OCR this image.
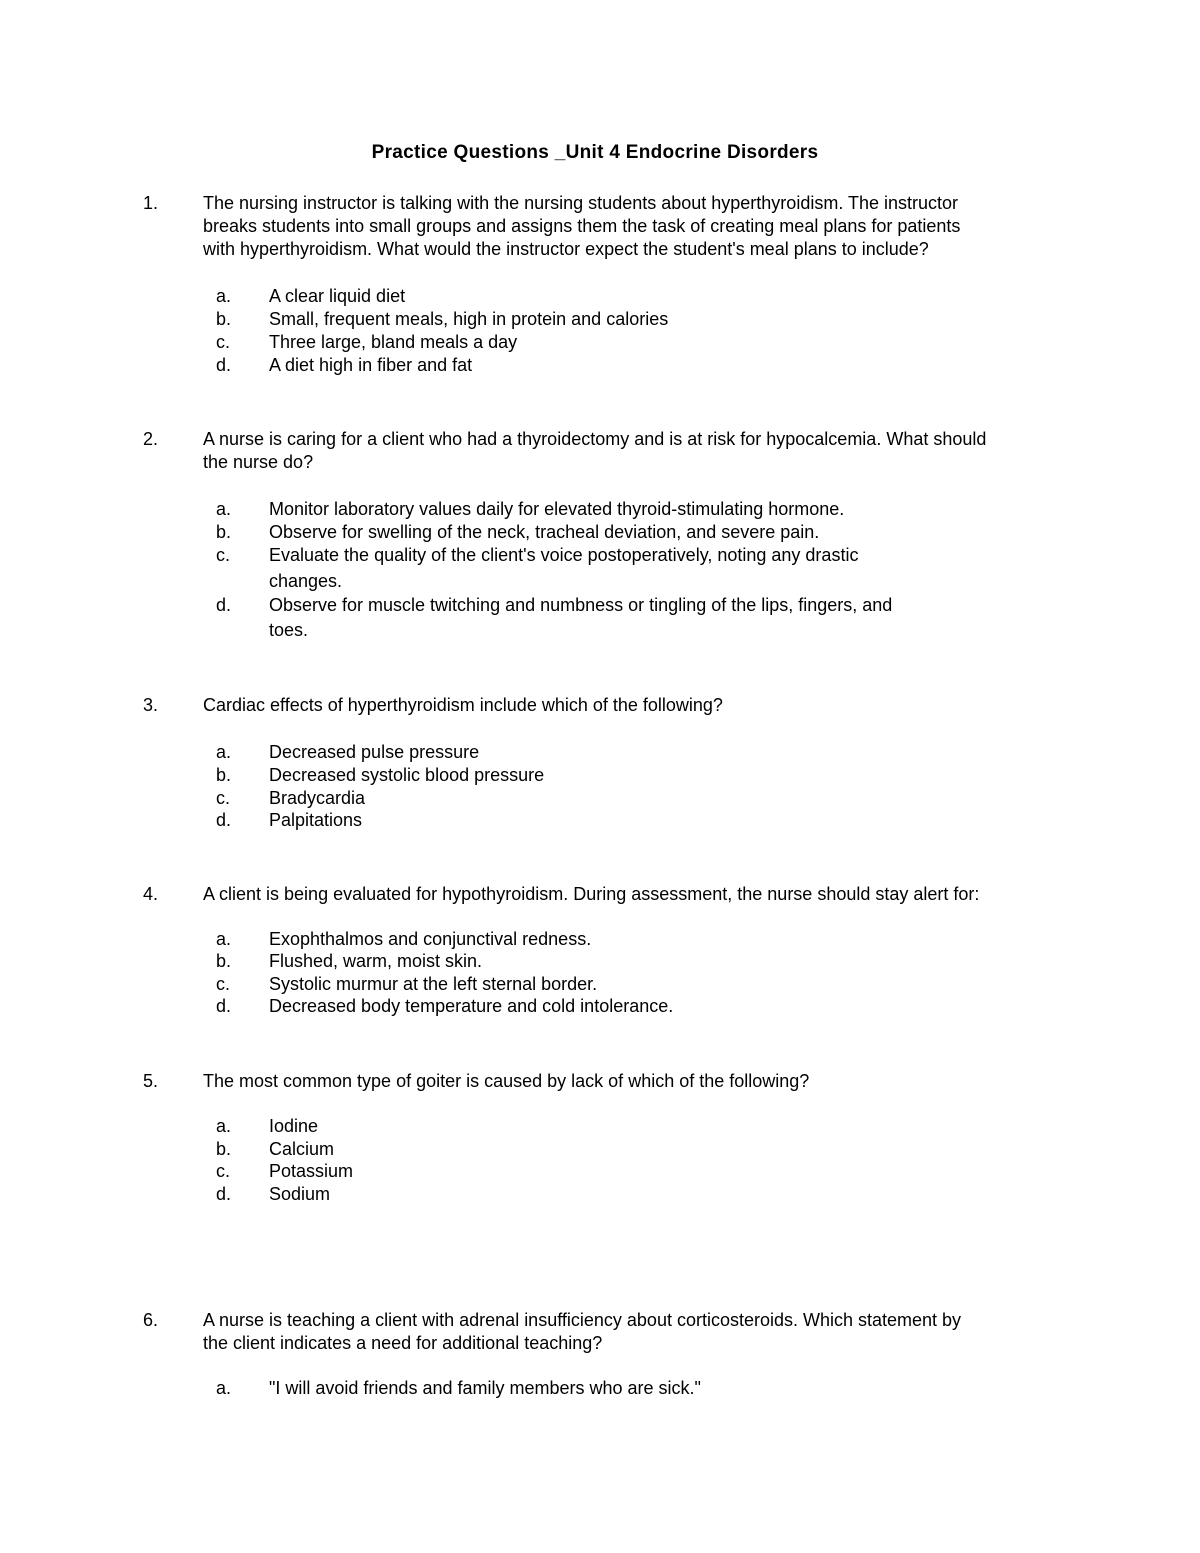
Practice Questions _Unit 4 Endocrine Disorders
1. The nursing instructor is talking with the nursing students about hyperthyroidism. The instructor
breaks students into small groups and assigns them the task of creating meal plans for patients
with hyperthyroidism. What would the instructor expect the student's meal plans to include?
a. A clear liquid diet
b. Small, frequent meals, high in protein and calories
c. Three large, bland meals a day
d. A diet high in fiber and fat
2. A nurse is caring for a client who had a thyroidectomy and is at risk for hypocalcemia. What should
the nurse do?
a. Monitor laboratory values daily for elevated thyroid-stimulating hormone.
b. Observe for swelling of the neck, tracheal deviation, and severe pain.
c. Evaluate the quality of the client's voice postoperatively, noting any drastic
changes.
d. Observe for muscle twitching and numbness or tingling of the lips, fingers, and
toes.
3. Cardiac effects of hyperthyroidism include which of the following?
a. Decreased pulse pressure
b. Decreased systolic blood pressure
c. Bradycardia
d. Palpitations
4. A client is being evaluated for hypothyroidism. During assessment, the nurse should stay alert for:
a. Exophthalmos and conjunctival redness.
b. Flushed, warm, moist skin.
c. Systolic murmur at the left sternal border.
d. Decreased body temperature and cold intolerance.
5. The most common type of goiter is caused by lack of which of the following?
a. Iodine
b. Calcium
c. Potassium
d. Sodium
6. A nurse is teaching a client with adrenal insufficiency about corticosteroids. Which statement by
the client indicates a need for additional teaching?
a. "I will avoid friends and family members who are sick."
